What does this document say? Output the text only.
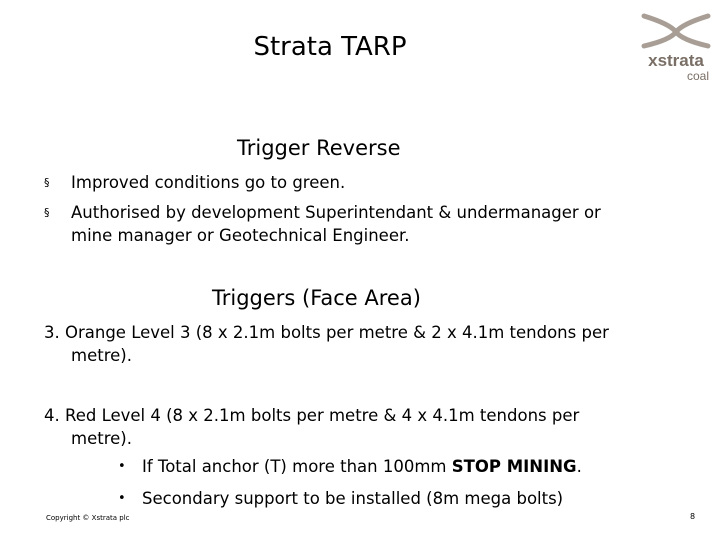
Strata TARP	xstrata
coal
Trigger Reverse
§ Improved conditions go to green.
§ Authorised by development Superintendant & undermanager or
mine manager or Geotechnical Engineer.
Triggers (Face Area)
3. Orange Level 3 (8 x 2.1m bolts per metre & 2 x 4.1m tendons per
metre).
4. Red Level 4 (8 x 2.1m bolts per metre & 4 x 4.1m tendons per
metre).
• If Total anchor (T) more than 100mm STOP MINING.
• Secondary support to be installed (8m mega bolts)
Copyright © Xstrata plc	8
